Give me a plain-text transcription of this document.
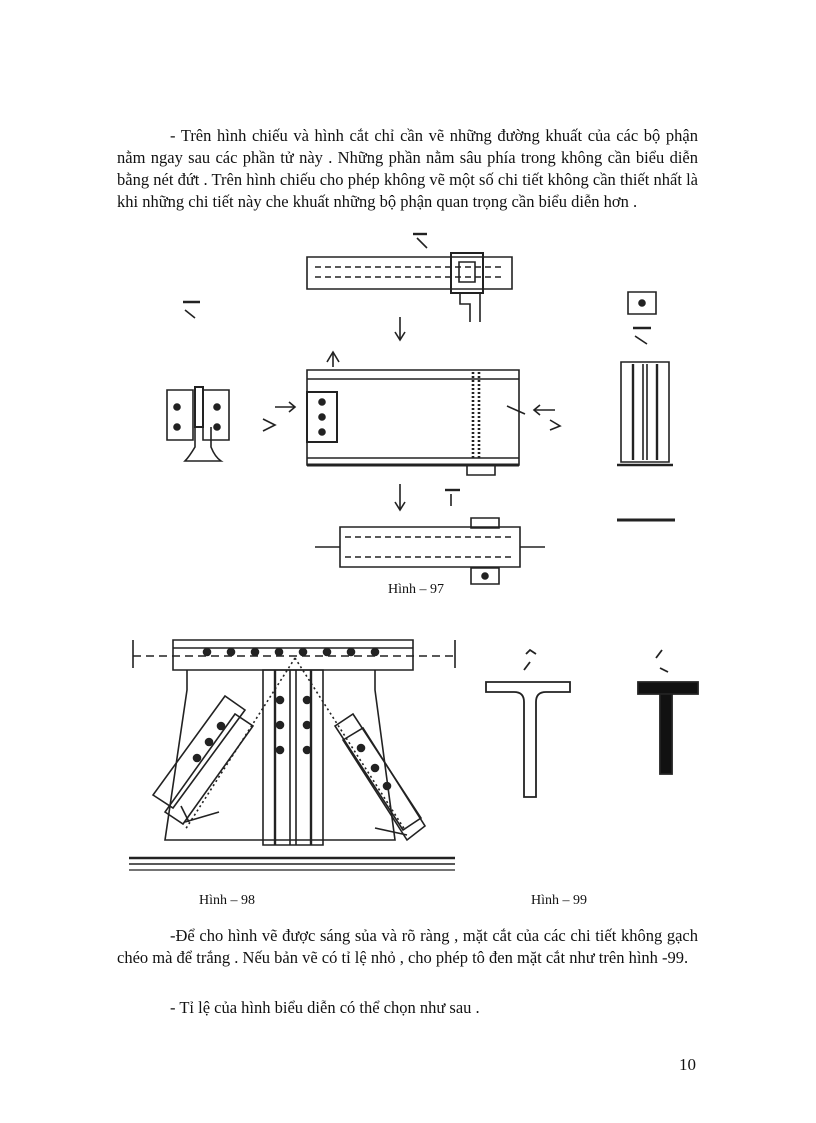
- Trên hình chiếu và hình cắt chỉ cần vẽ những đường khuất của các bộ phận nằm ngay sau các phần tử này . Những phần nằm sâu phía trong không cần biểu diễn bằng nét đứt . Trên hình chiếu cho phép không vẽ một số chi tiết không cần thiết nhất là khi những chi tiết này che khuất những bộ phận quan trọng cần biểu diễn hơn .

Hình – 97
Hình – 98	Hình – 99

-Để cho hình vẽ được sáng sủa và rõ ràng , mặt cắt của các chi tiết không gạch chéo mà để trắng . Nếu bản vẽ có tỉ lệ nhỏ , cho phép tô đen mặt cắt như trên hình -99.

- Tỉ lệ của hình biểu diễn có thể chọn như sau .

10
